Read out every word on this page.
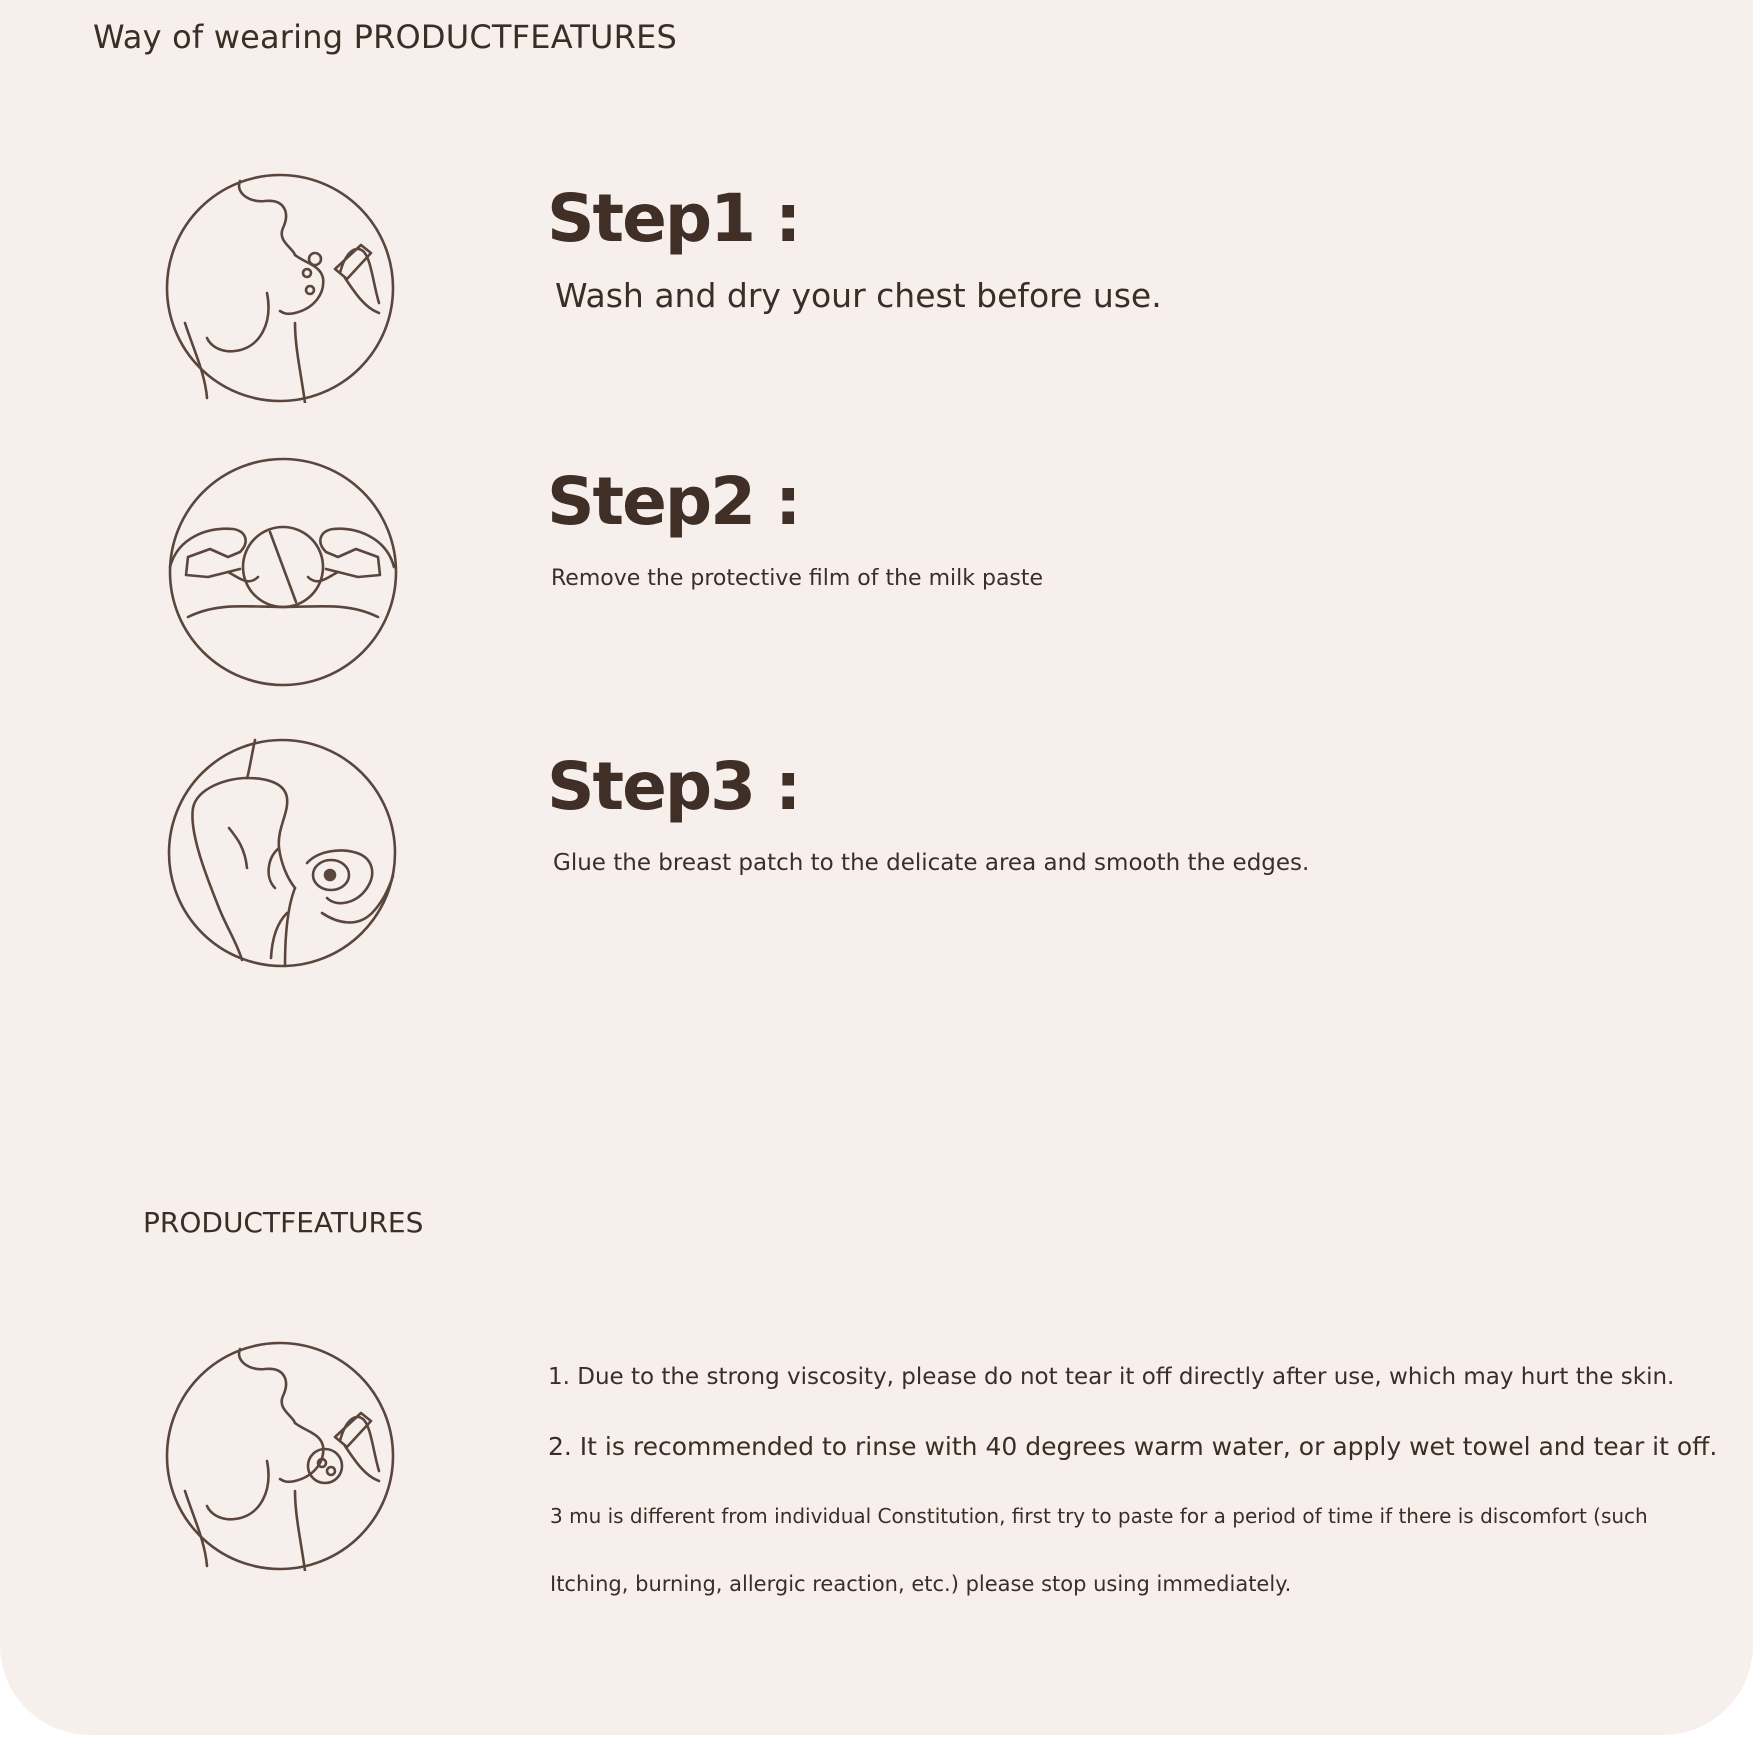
Way of wearing PRODUCTFEATURES
Step1 :
Wash and dry your chest before use.
Step2 :
Remove the protective film of the milk paste
Step3 :
Glue the breast patch to the delicate area and smooth the edges.
PRODUCTFEATURES
1. Due to the strong viscosity, please do not tear it off directly after use, which may hurt the skin.
2. It is recommended to rinse with 40 degrees warm water, or apply wet towel and tear it off.
3 mu is different from individual Constitution, first try to paste for a period of time if there is discomfort (such
Itching, burning, allergic reaction, etc.) please stop using immediately.
